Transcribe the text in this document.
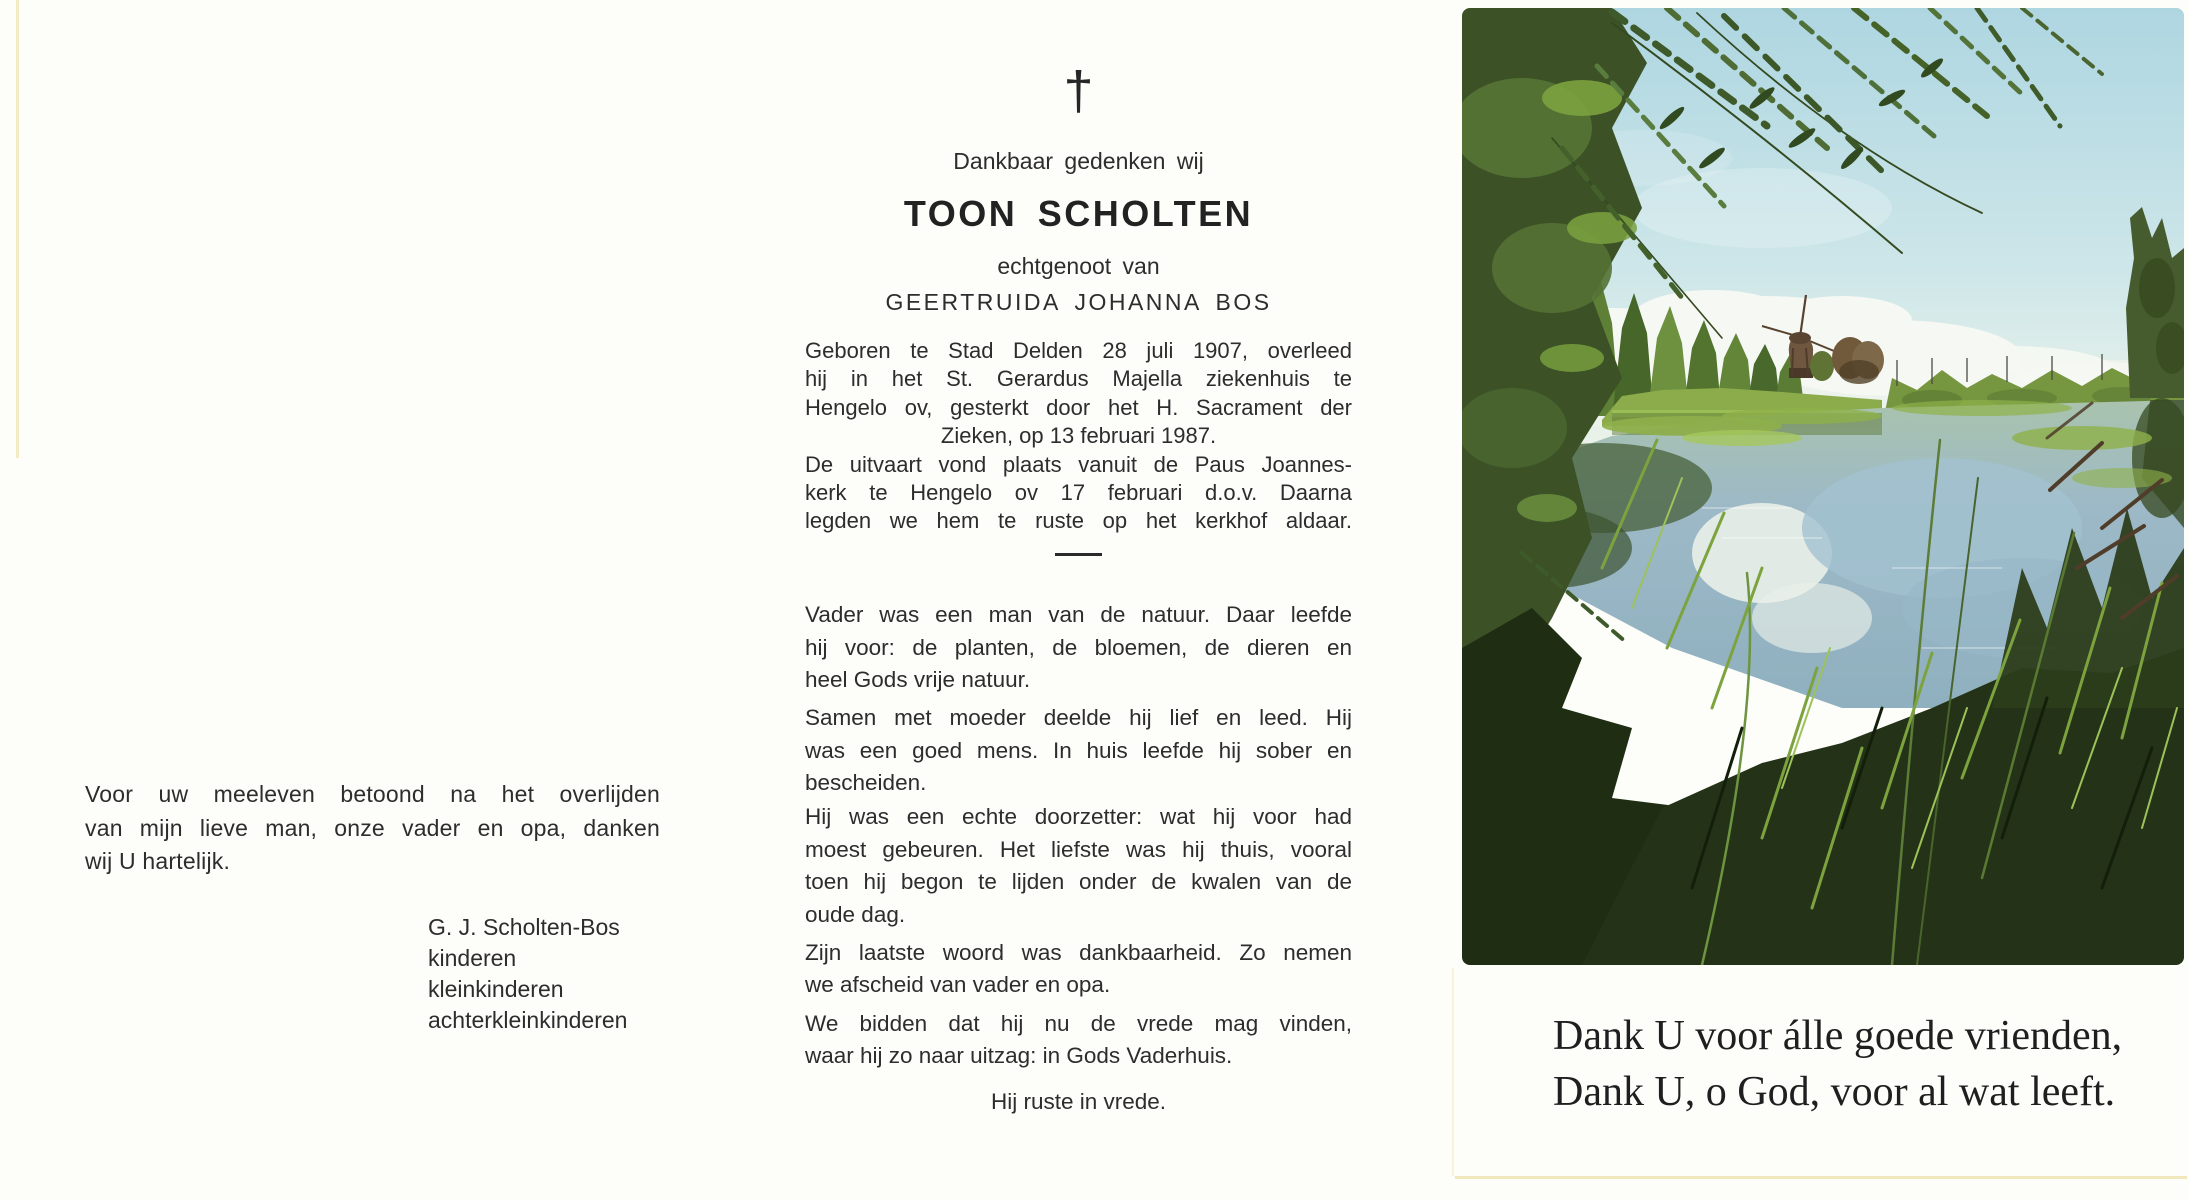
Voor uw meeleven betoond na het overlijden
van mijn lieve man, onze vader en opa, danken
wij U hartelijk.
G. J. Scholten-Bos
kinderen
kleinkinderen
achterkleinkinderen
†
Dankbaar gedenken wij
TOON SCHOLTEN
echtgenoot van
GEERTRUIDA JOHANNA BOS
Geboren te Stad Delden 28 juli 1907, overleed
hij in het St. Gerardus Majella ziekenhuis te
Hengelo ov, gesterkt door het H. Sacrament der
Zieken, op 13 februari 1987.
De uitvaart vond plaats vanuit de Paus Joannes-
kerk te Hengelo ov 17 februari d.o.v. Daarna
legden we hem te ruste op het kerkhof aldaar.
Vader was een man van de natuur. Daar leefde
hij voor: de planten, de bloemen, de dieren en
heel Gods vrije natuur.
Samen met moeder deelde hij lief en leed. Hij
was een goed mens. In huis leefde hij sober en
bescheiden.
Hij was een echte doorzetter: wat hij voor had
moest gebeuren. Het liefste was hij thuis, vooral
toen hij begon te lijden onder de kwalen van de
oude dag.
Zijn laatste woord was dankbaarheid. Zo nemen
we afscheid van vader en opa.
We bidden dat hij nu de vrede mag vinden,
waar hij zo naar uitzag: in Gods Vaderhuis.
Hij ruste in vrede.
Dank U voor álle goede vrienden,
Dank U, o God, voor al wat leeft.
